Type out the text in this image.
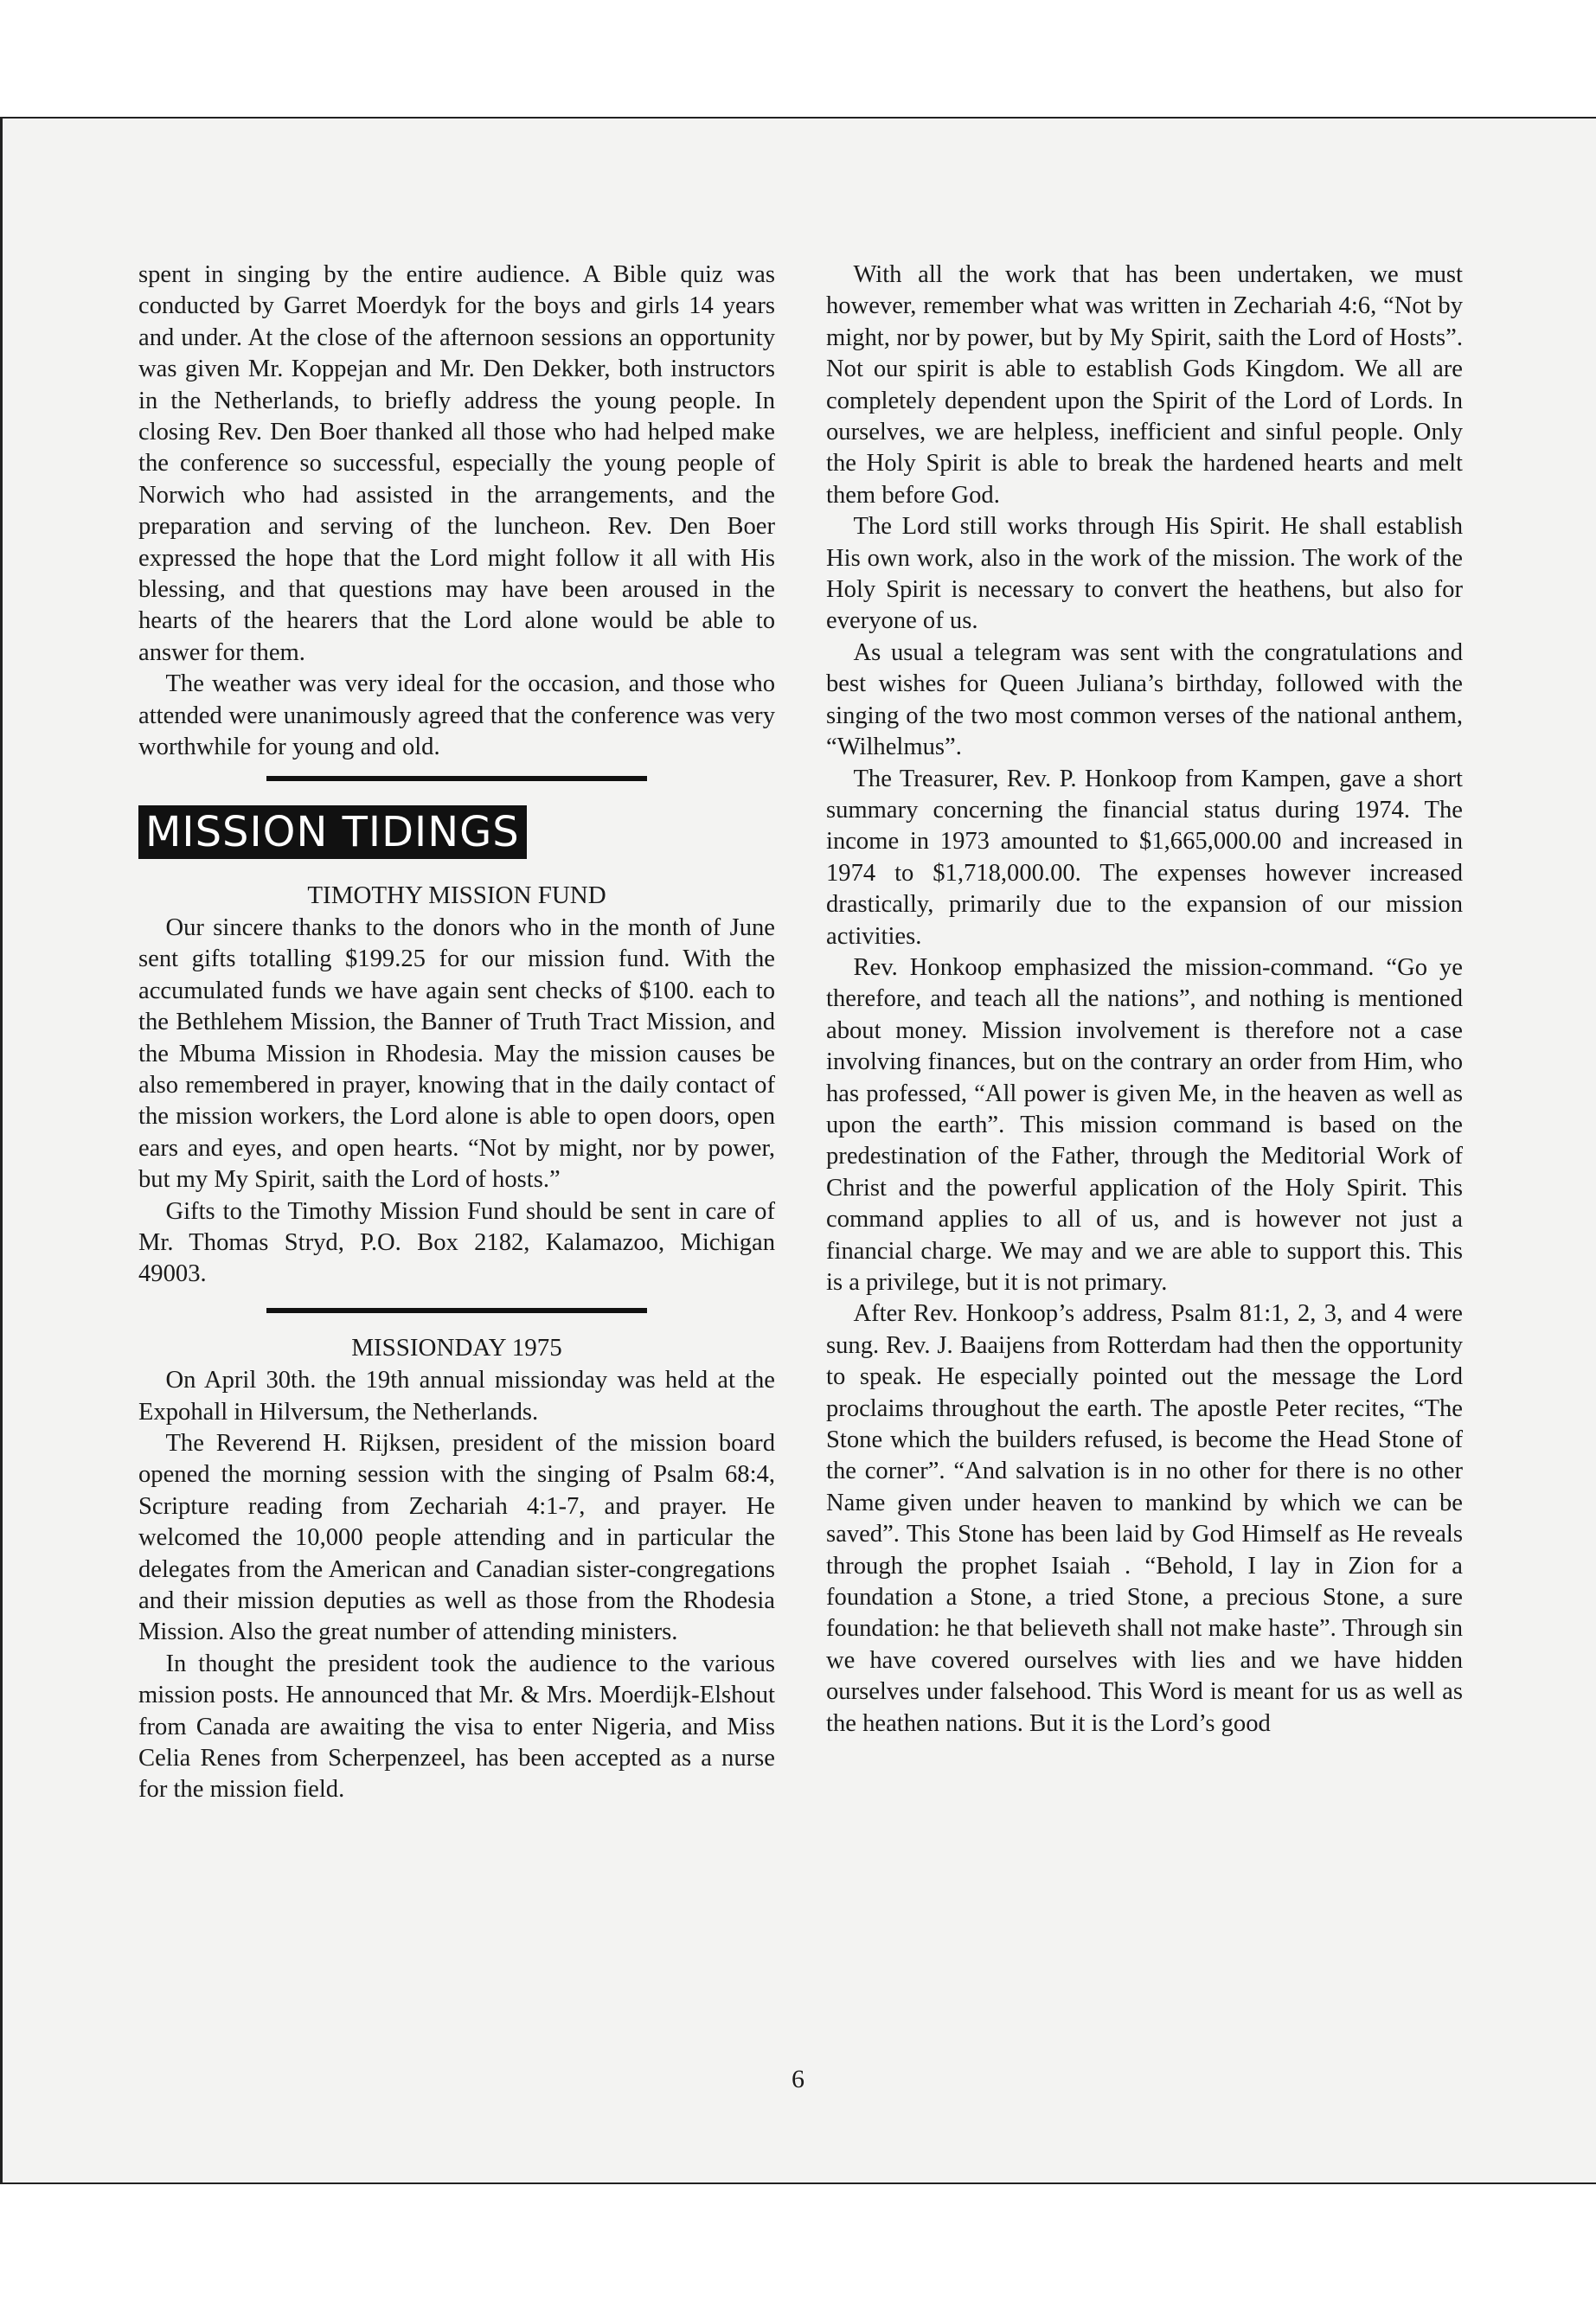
spent in singing by the entire audience. A Bible quiz was conducted by Garret Moerdyk for the boys and girls 14 years and under. At the close of the afternoon sessions an opportunity was given Mr. Koppejan and Mr. Den Dekker, both instructors in the Netherlands, to briefly address the young people. In closing Rev. Den Boer thanked all those who had helped make the conference so successful, especially the young people of Norwich who had assisted in the arrangements, and the preparation and serving of the luncheon. Rev. Den Boer expressed the hope that the Lord might follow it all with His blessing, and that questions may have been aroused in the hearts of the hearers that the Lord alone would be able to answer for them.

The weather was very ideal for the occasion, and those who attended were unanimously agreed that the conference was very worthwhile for young and old.

MISSION TIDINGS
TIMOTHY MISSION FUND

Our sincere thanks to the donors who in the month of June sent gifts totalling $199.25 for our mission fund. With the accumulated funds we have again sent checks of $100. each to the Bethlehem Mission, the Banner of Truth Tract Mission, and the Mbuma Mission in Rhodesia. May the mission causes be also remembered in prayer, knowing that in the daily contact of the mission workers, the Lord alone is able to open doors, open ears and eyes, and open hearts. “Not by might, nor by power, but my My Spirit, saith the Lord of hosts.”

Gifts to the Timothy Mission Fund should be sent in care of Mr. Thomas Stryd, P.O. Box 2182, Kalamazoo, Michigan 49003.

MISSIONDAY 1975

On April 30th. the 19th annual missionday was held at the Expohall in Hilversum, the Netherlands.

The Reverend H. Rijksen, president of the mission board opened the morning session with the singing of Psalm 68:4, Scripture reading from Zechariah 4:1-7, and prayer. He welcomed the 10,000 people attending and in particular the delegates from the American and Canadian sister-congregations and their mission deputies as well as those from the Rhodesia Mission. Also the great number of attending ministers.

In thought the president took the audience to the various mission posts. He announced that Mr. & Mrs. Moerdijk-Elshout from Canada are awaiting the visa to enter Nigeria, and Miss Celia Renes from Scherpenzeel, has been accepted as a nurse for the mission field.

With all the work that has been undertaken, we must however, remember what was written in Zechariah 4:6, “Not by might, nor by power, but by My Spirit, saith the Lord of Hosts”. Not our spirit is able to establish Gods Kingdom. We all are completely dependent upon the Spirit of the Lord of Lords. In ourselves, we are helpless, inefficient and sinful people. Only the Holy Spirit is able to break the hardened hearts and melt them before God.

The Lord still works through His Spirit. He shall establish His own work, also in the work of the mission. The work of the Holy Spirit is necessary to convert the heathens, but also for everyone of us.

As usual a telegram was sent with the congratulations and best wishes for Queen Juliana’s birthday, followed with the singing of the two most common verses of the national anthem, “Wilhelmus”.

The Treasurer, Rev. P. Honkoop from Kampen, gave a short summary concerning the financial status during 1974. The income in 1973 amounted to $1,665,000.00 and increased in 1974 to $1,718,000.00. The expenses however increased drastically, primarily due to the expansion of our mission activities.

Rev. Honkoop emphasized the mission-command. “Go ye therefore, and teach all the nations”, and nothing is mentioned about money. Mission involvement is therefore not a case involving finances, but on the contrary an order from Him, who has professed, “All power is given Me, in the heaven as well as upon the earth”. This mission command is based on the predestination of the Father, through the Meditorial Work of Christ and the powerful application of the Holy Spirit. This command applies to all of us, and is however not just a financial charge. We may and we are able to support this. This is a privilege, but it is not primary.

After Rev. Honkoop’s address, Psalm 81:1, 2, 3, and 4 were sung. Rev. J. Baaijens from Rotterdam had then the opportunity to speak. He especially pointed out the message the Lord proclaims throughout the earth. The apostle Peter recites, “The Stone which the builders refused, is become the Head Stone of the corner”. “And salvation is in no other for there is no other Name given under heaven to mankind by which we can be saved”. This Stone has been laid by God Himself as He reveals through the prophet Isaiah . “Behold, I lay in Zion for a foundation a Stone, a tried Stone, a precious Stone, a sure foundation: he that believeth shall not make haste”. Through sin we have covered ourselves with lies and we have hidden ourselves under falsehood. This Word is meant for us as well as the heathen nations. But it is the Lord’s good

6
